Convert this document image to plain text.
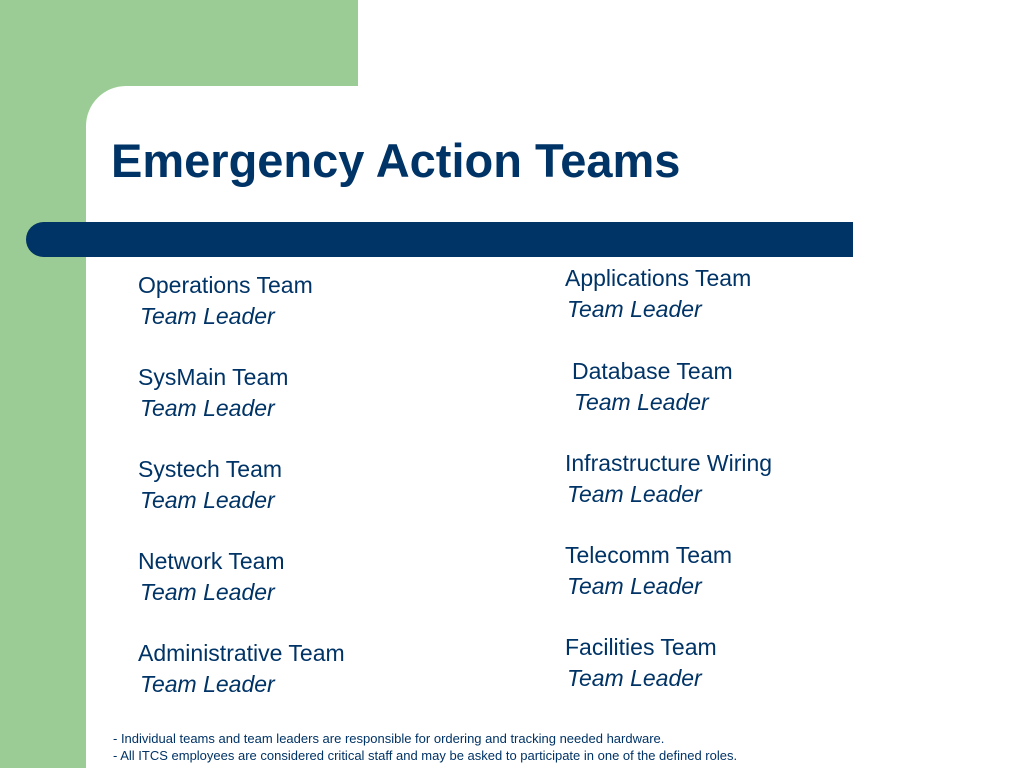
Emergency Action Teams
Operations Team
Team Leader
SysMain Team
Team Leader
Systech Team
Team Leader
Network Team
Team Leader
Administrative Team
Team Leader
Applications Team
Team Leader
Database Team
Team Leader
Infrastructure Wiring
Team Leader
Telecomm Team
Team Leader
Facilities Team
Team Leader
- Individual teams and team leaders are responsible for ordering and tracking needed hardware.
- All ITCS employees are considered critical staff and may be asked to participate in one of the defined roles.
